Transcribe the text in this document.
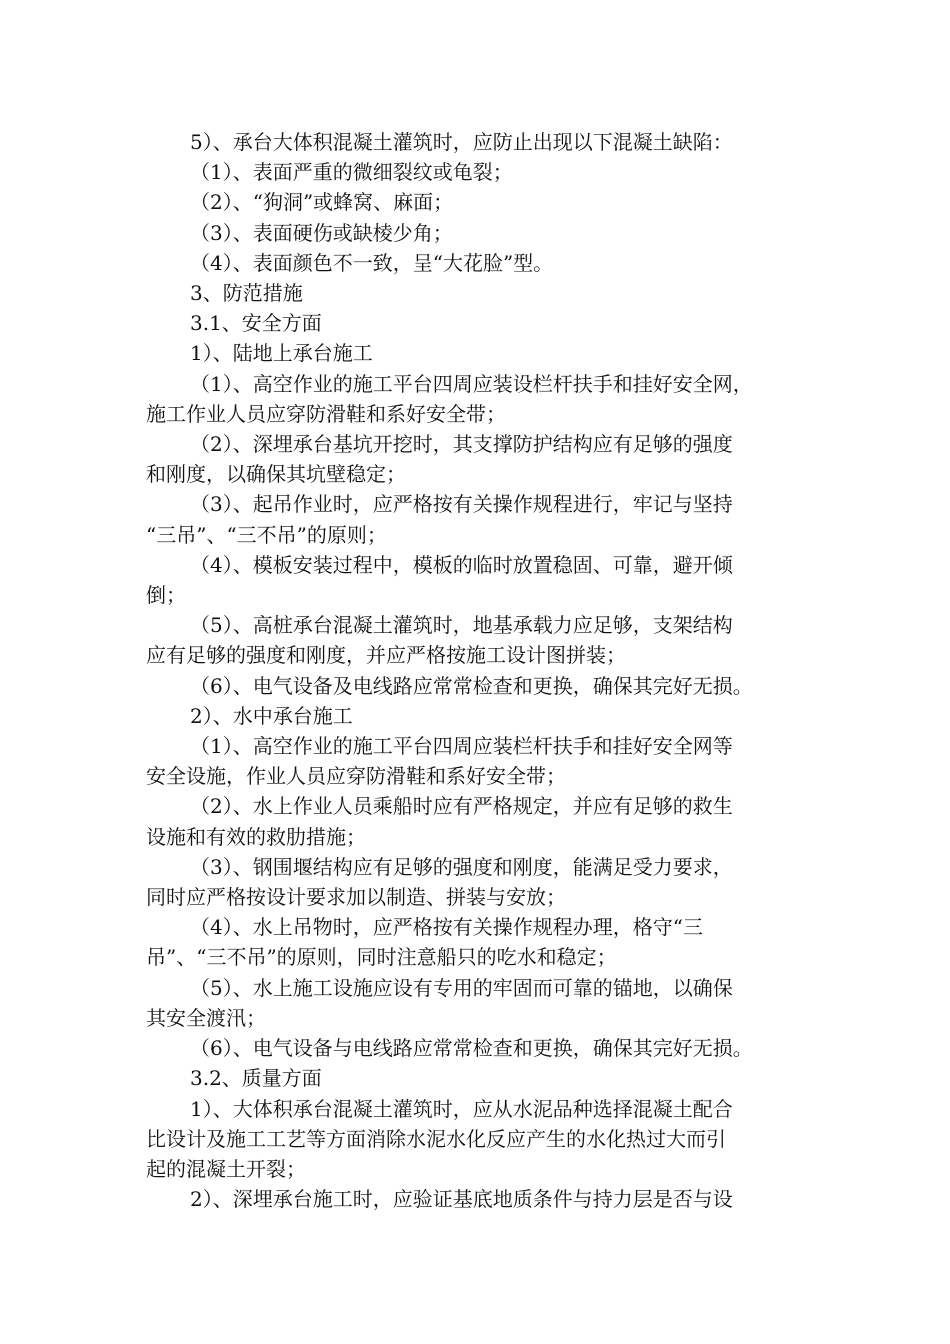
5）、承台大体积混凝土灌筑时，应防止出现以下混凝土缺陷：

（1）、表面严重的微细裂纹或龟裂；

（2）、“狗洞”或蜂窝、麻面；

（3）、表面硬伤或缺棱少角；

（4）、表面颜色不一致，呈“大花脸”型。

3、防范措施

3.1、安全方面

1）、陆地上承台施工

（1）、高空作业的施工平台四周应装设栏杆扶手和挂好安全网，

施工作业人员应穿防滑鞋和系好安全带；

（2）、深埋承台基坑开挖时，其支撑防护结构应有足够的强度

和刚度，以确保其坑壁稳定；

（3）、起吊作业时，应严格按有关操作规程进行，牢记与坚持

“三吊”、“三不吊”的原则；

（4）、模板安装过程中，模板的临时放置稳固、可靠，避开倾

倒；

（5）、高桩承台混凝土灌筑时，地基承载力应足够，支架结构

应有足够的强度和刚度，并应严格按施工设计图拼装；

（6）、电气设备及电线路应常常检查和更换，确保其完好无损。

2）、水中承台施工

（1）、高空作业的施工平台四周应装栏杆扶手和挂好安全网等

安全设施，作业人员应穿防滑鞋和系好安全带；

（2）、水上作业人员乘船时应有严格规定，并应有足够的救生

设施和有效的救肋措施；

（3）、钢围堰结构应有足够的强度和刚度，能满足受力要求，

同时应严格按设计要求加以制造、拼装与安放；

（4）、水上吊物时，应严格按有关操作规程办理，格守“三

吊”、“三不吊”的原则，同时注意船只的吃水和稳定；

（5）、水上施工设施应设有专用的牢固而可靠的锚地，以确保

其安全渡汛；

（6）、电气设备与电线路应常常检查和更换，确保其完好无损。

3.2、质量方面

1）、大体积承台混凝土灌筑时，应从水泥品种选择混凝土配合

比设计及施工工艺等方面消除水泥水化反应产生的水化热过大而引

起的混凝土开裂；

2）、深埋承台施工时，应验证基底地质条件与持力层是否与设
